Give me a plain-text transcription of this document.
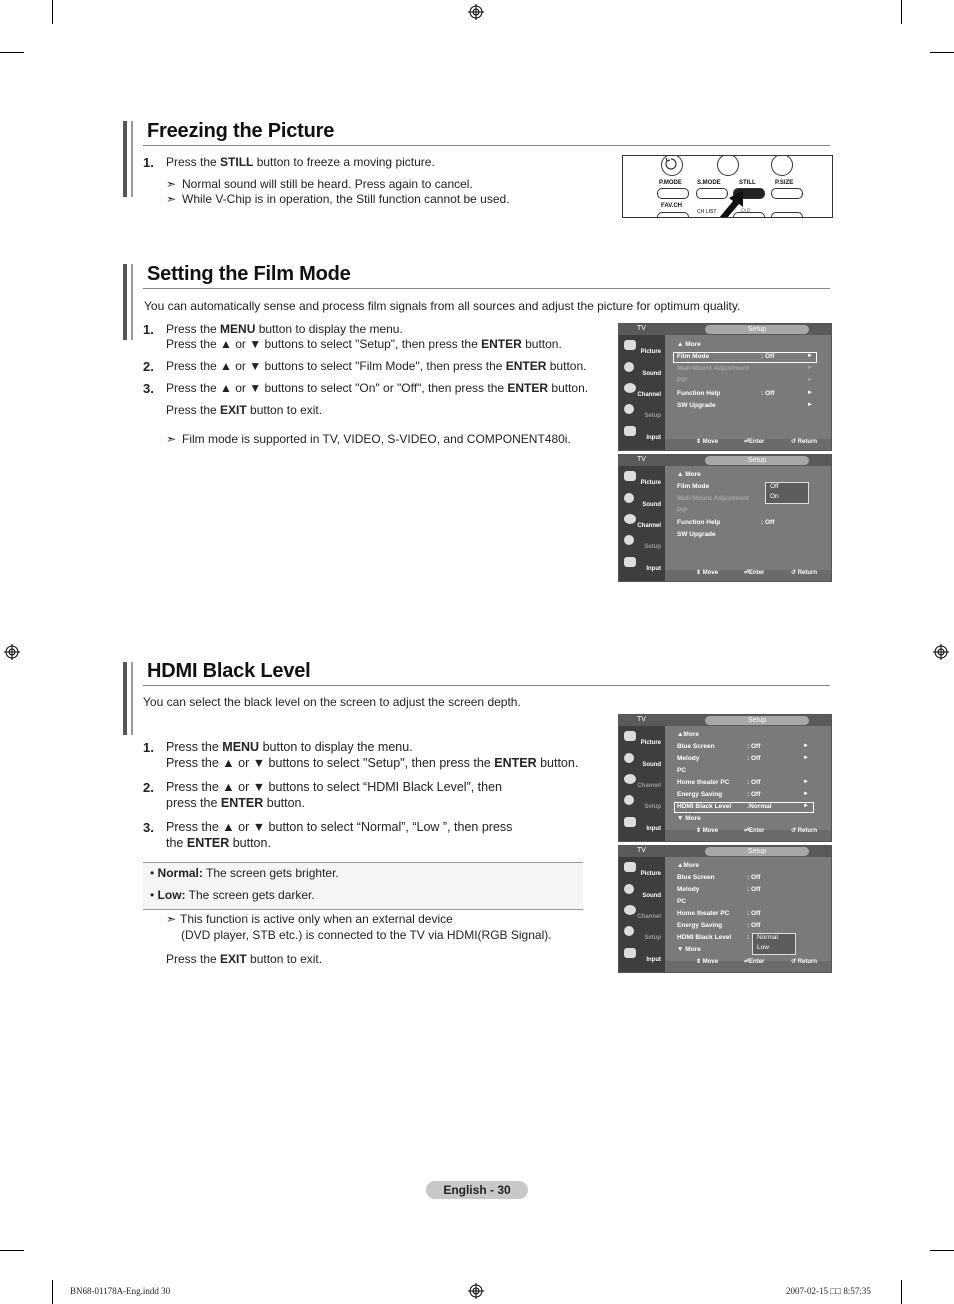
Freezing the Picture
1. Press the STILL button to freeze a moving picture.
➣ Normal sound will still be heard. Press again to cancel.
➣ While V-Chip is in operation, the Still function cannot be used.
P.MODE	S.MODE	STILL	P.SIZE
FAV.CH
CH LIST
Setting the Film Mode
You can automatically sense and process film signals from all sources and adjust the picture for optimum quality.
1. Press the MENU button to display the menu.
Press the ▲ or ▼ buttons to select "Setup", then press the ENTER button.
2. Press the ▲ or ▼ buttons to select "Film Mode", then press the ENTER button.
3. Press the ▲ or ▼ buttons to select "On" or "Off", then press the ENTER button.
Press the EXIT button to exit.
➣ Film mode is supported in TV, VIDEO, S-VIDEO, and COMPONENT480i.
TV	Setup
Picture
Sound
Channel
Setup
Input
▲ More
Film Mode	: Off	►
Wall-Mount Adjustment	►
PIP	►
Function Help	: Off	►
SW Upgrade	►
⇕ Move	⏎Enter	↺ Return
TV	Setup
Picture
Sound
Channel
Setup
Input
▲ More
Film Mode	Off
On
Wall-Mount Adjustment
PIP
Function Help	: Off
SW Upgrade
⇕ Move	⏎Enter	↺ Return
HDMI Black Level
You can select the black level on the screen to adjust the screen depth.
1. Press the MENU button to display the menu.
Press the ▲ or ▼ buttons to select "Setup", then press the ENTER button.
2. Press the ▲ or ▼ buttons to select “HDMI Black Level”, then
press the ENTER button.
3. Press the ▲ or ▼ button to select “Normal”, “Low ”, then press
the ENTER button.
• Normal: The screen gets brighter.
• Low: The screen gets darker.
➣ This function is active only when an external device
(DVD player, STB etc.) is connected to the TV via HDMI(RGB Signal).
Press the EXIT button to exit.
TV	Setup
Picture
Sound
Channel
Setup
Input
▲More
Blue Screen	: Off	►
Melody	: Off	►
PC
Home theater PC	: Off	►
Energy Saving	: Off	►
HDMI Black Level :Normal	►
▼ More
⇕ Move	⏎Enter	↺ Return
TV	Setup
Picture
Sound
Channel
Setup
Input
▲More
Blue Screen	: Off
Melody	: Off
PC
Home theater PC	: Off
Energy Saving	: Off
HDMI Black Level : Normal
Low
▼ More
⇕ Move	⏎Enter	↺ Return
English - 30
BN68-01178A-Eng.indd 30	2007-02-15 □□ 8:57:35
